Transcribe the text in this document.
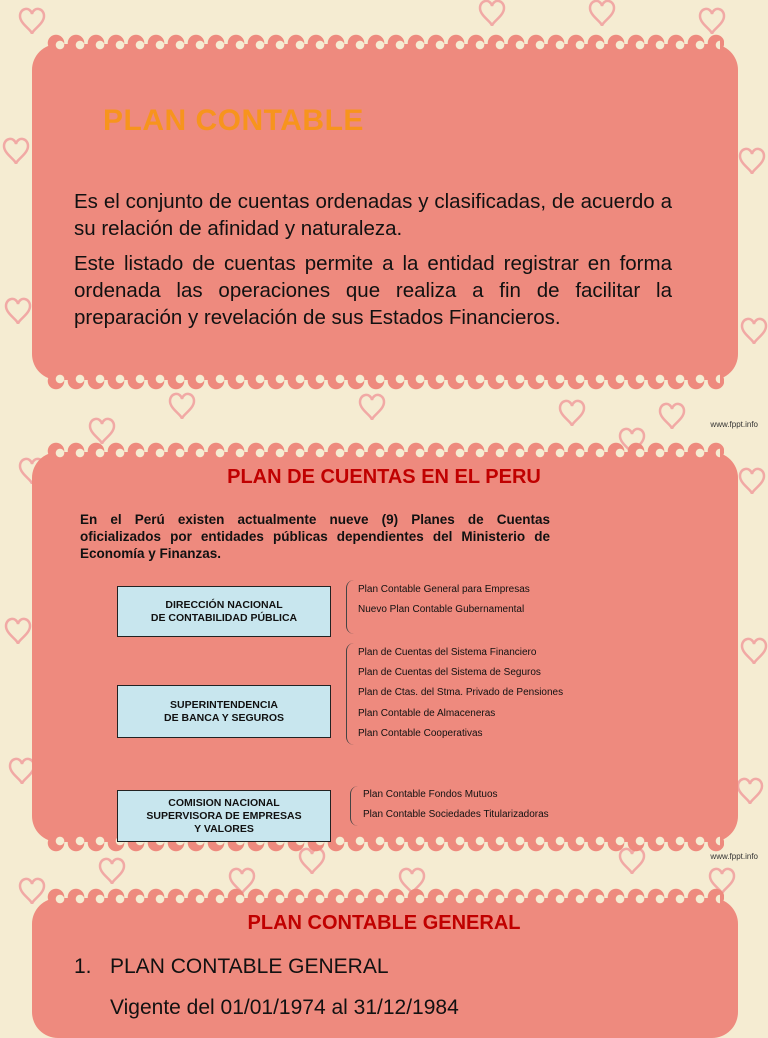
PLAN CONTABLE

Es el conjunto de cuentas ordenadas y clasificadas, de acuerdo a su relación de afinidad y naturaleza.

Este listado de cuentas permite a la entidad registrar en forma ordenada las operaciones que realiza a fin de facilitar la preparación y revelación de sus Estados Financieros.

www.fppt.info
PLAN DE CUENTAS EN EL PERU
En el Perú existen actualmente nueve (9) Planes de Cuentas oficializados por entidades públicas dependientes del Ministerio de Economía y Finanzas.
DIRECCIÓN NACIONAL
DE CONTABILIDAD PÚBLICA
Plan Contable General para Empresas
Nuevo Plan Contable Gubernamental
SUPERINTENDENCIA
DE BANCA Y SEGUROS
Plan de Cuentas del Sistema Financiero
Plan de Cuentas del Sistema de Seguros
Plan de Ctas. del Stma. Privado de Pensiones
Plan Contable de Almaceneras
Plan Contable Cooperativas
COMISION NACIONAL
SUPERVISORA DE EMPRESAS
Y VALORES
Plan Contable Fondos Mutuos
Plan Contable Sociedades Titularizadoras
www.fppt.info
PLAN CONTABLE GENERAL
1. PLAN CONTABLE GENERAL
Vigente del 01/01/1974 al 31/12/1984
